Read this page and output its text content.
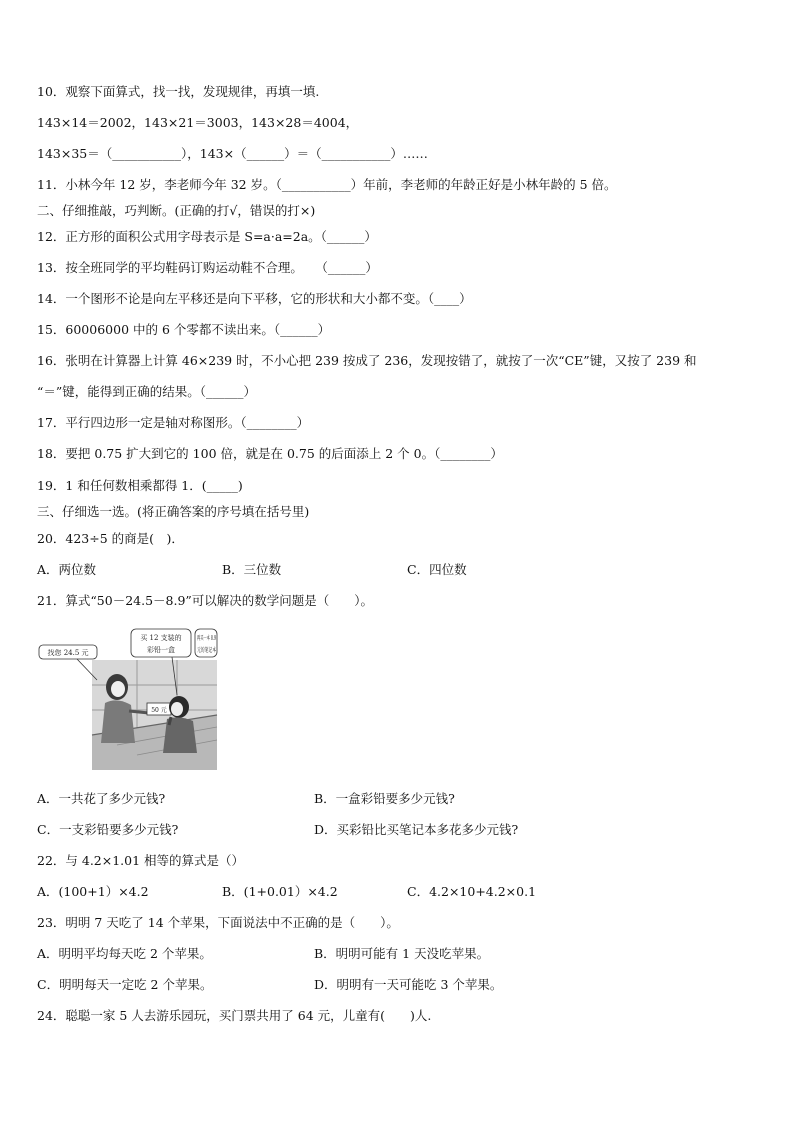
10．观察下面算式，找一找，发现规律，再填一填.
143×14＝2002，143×21＝3003，143×28＝4004，
143×35＝（___________），143×（______）＝（___________）……
11．小林今年 12 岁，李老师今年 32 岁。（___________）年前，李老师的年龄正好是小林年龄的 5 倍。
二、仔细推敲，巧判断。(正确的打√，错误的打×)
12．正方形的面积公式用字母表示是 S=a·a=2a。（______）
13．按全班同学的平均鞋码订购运动鞋不合理。　　（______）
14．一个图形不论是向左平移还是向下平移，它的形状和大小都不变。（____）
15．60006000 中的 6 个零都不读出来。（______）
16．张明在计算器上计算 46×239 时，不小心把 239 按成了 236，发现按错了，就按了一次“CE”键，又按了 239 和
“＝”键，能得到正确的结果。（______）
17．平行四边形一定是轴对称图形。（________）
18．要把 0.75 扩大到它的 100 倍，就是在 0.75 的后面添上 2 个 0。（________）
19．1 和任何数相乘都得 1．(_____)
三、仔细选一选。(将正确答案的序号填在括号里)
20．423÷5 的商是(　)．
A．两位数	B．三位数	C．四位数
21．算式“50－24.5－8.9”可以解决的数学问题是（　　）。
50 元
找您 24.5 元
买 12 支装的
彩铅一盒
再买一本 8.9
元的笔记本
A．一共花了多少元钱?	B．一盒彩铅要多少元钱?
C．一支彩铅要多少元钱?	D．买彩铅比买笔记本多花多少元钱?
22．与 4.2×1.01 相等的算式是（）
A．(100+1）×4.2	B．(1+0.01）×4.2	C．4.2×10+4.2×0.1
23．明明 7 天吃了 14 个苹果，下面说法中不正确的是（　　）。
A．明明平均每天吃 2 个苹果。	B．明明可能有 1 天没吃苹果。
C．明明每天一定吃 2 个苹果。	D．明明有一天可能吃 3 个苹果。
24．聪聪一家 5 人去游乐园玩，买门票共用了 64 元，儿童有(　　)人.
